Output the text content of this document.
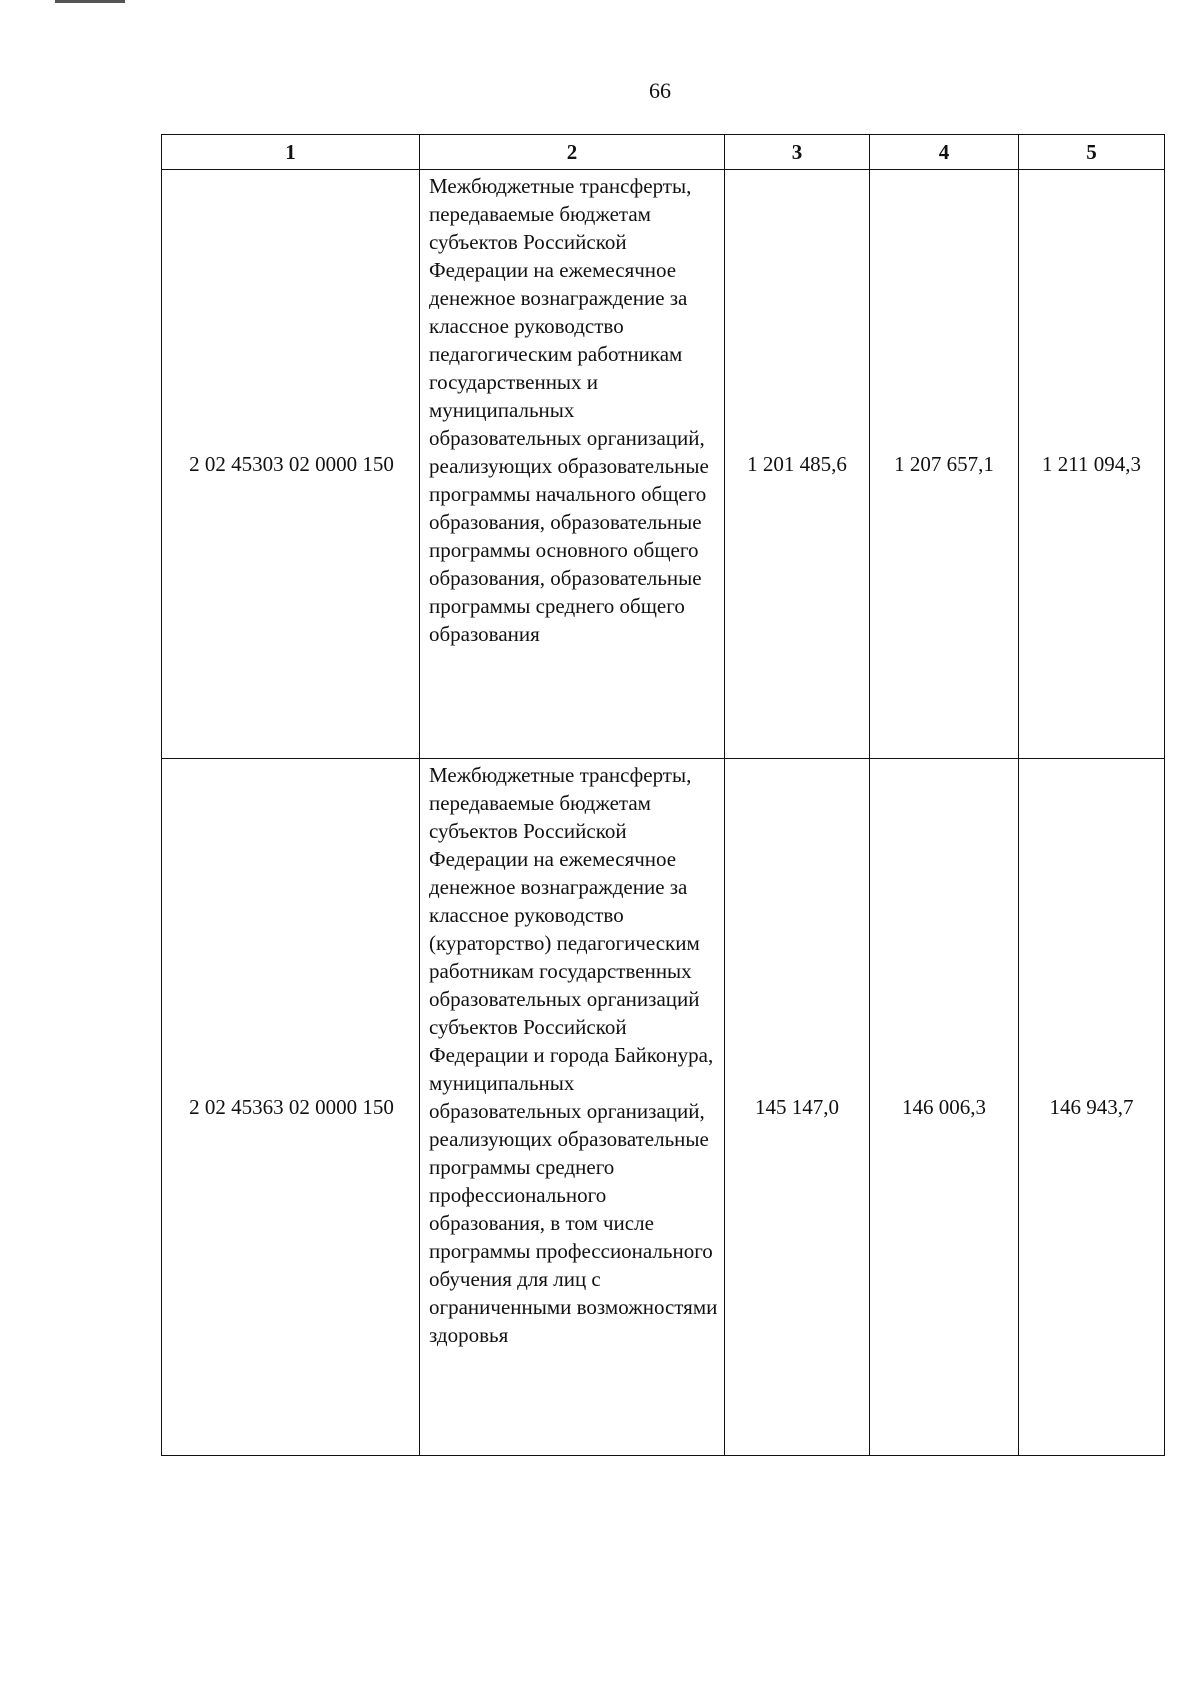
66
1	2	3	4	5
2 02 45303 02 0000 150	Межбюджетные трансферты, передаваемые бюджетам субъектов Российской Федерации на ежемесячное денежное вознаграждение за классное руководство педагогическим работникам государственных и муниципальных образовательных организаций, реализующих образовательные программы начального общего образования, образовательные программы основного общего образования, образовательные программы среднего общего образования	1 201 485,6	1 207 657,1	1 211 094,3
2 02 45363 02 0000 150	Межбюджетные трансферты, передаваемые бюджетам субъектов Российской Федерации на ежемесячное денежное вознаграждение за классное руководство (кураторство) педагогическим работникам государственных образовательных организаций субъектов Российской Федерации и города Байконура, муниципальных образовательных организаций, реализующих образовательные программы среднего профессионального образования, в том числе программы профессионального обучения для лиц с ограниченными возможностями здоровья	145 147,0	146 006,3	146 943,7
